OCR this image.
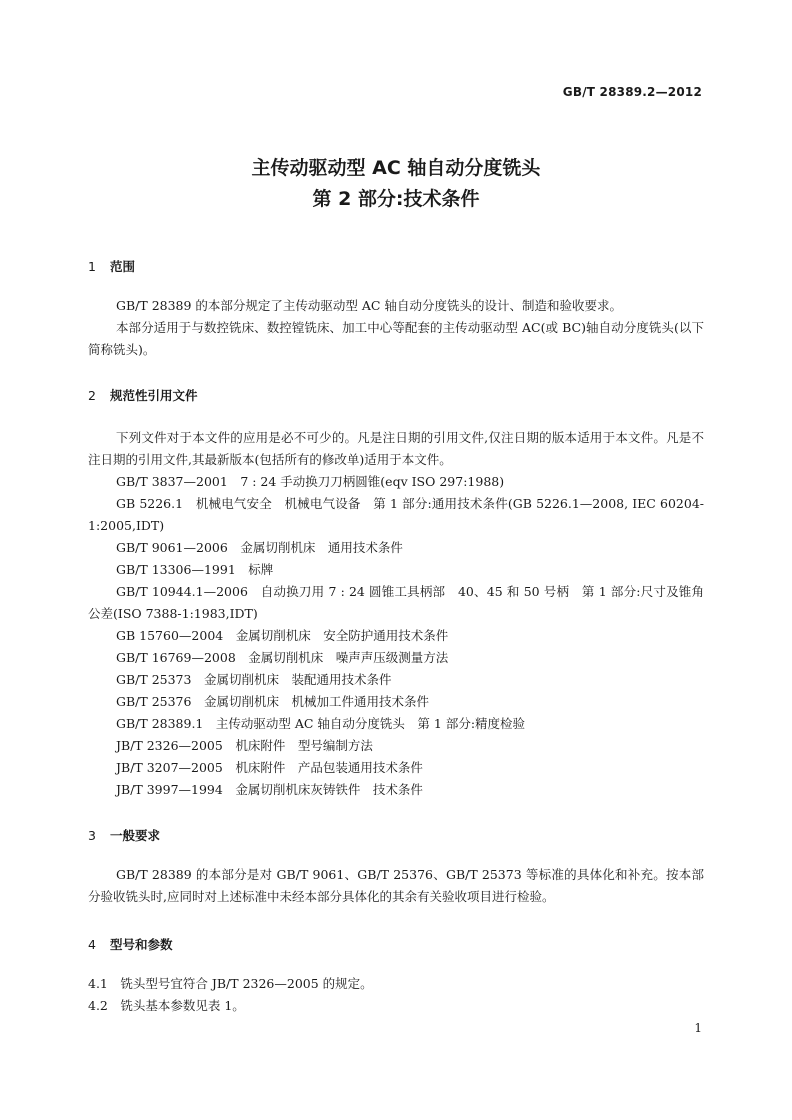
GB/T 28389.2—2012
主传动驱动型 AC 轴自动分度铣头
第 2 部分:技术条件
1 范围
GB/T 28389 的本部分规定了主传动驱动型 AC 轴自动分度铣头的设计、制造和验收要求。
本部分适用于与数控铣床、数控镗铣床、加工中心等配套的主传动驱动型 AC(或 BC)轴自动分度铣头(以下简称铣头)。
2 规范性引用文件
下列文件对于本文件的应用是必不可少的。凡是注日期的引用文件,仅注日期的版本适用于本文件。凡是不注日期的引用文件,其最新版本(包括所有的修改单)适用于本文件。
GB/T 3837—2001　7 : 24 手动换刀刀柄圆锥(eqv ISO 297:1988)
GB 5226.1　机械电气安全　机械电气设备　第 1 部分:通用技术条件(GB 5226.1—2008, IEC 60204-1:2005,IDT)
GB/T 9061—2006　金属切削机床　通用技术条件
GB/T 13306—1991　标牌
GB/T 10944.1—2006　自动换刀用 7 : 24 圆锥工具柄部　40、45 和 50 号柄　第 1 部分:尺寸及锥角公差(ISO 7388-1:1983,IDT)
GB 15760—2004　金属切削机床　安全防护通用技术条件
GB/T 16769—2008　金属切削机床　噪声声压级测量方法
GB/T 25373　金属切削机床　装配通用技术条件
GB/T 25376　金属切削机床　机械加工件通用技术条件
GB/T 28389.1　主传动驱动型 AC 轴自动分度铣头　第 1 部分:精度检验
JB/T 2326—2005　机床附件　型号编制方法
JB/T 3207—2005　机床附件　产品包装通用技术条件
JB/T 3997—1994　金属切削机床灰铸铁件　技术条件
3 一般要求
GB/T 28389 的本部分是对 GB/T 9061、GB/T 25376、GB/T 25373 等标准的具体化和补充。按本部分验收铣头时,应同时对上述标准中未经本部分具体化的其余有关验收项目进行检验。
4 型号和参数
4.1　铣头型号宜符合 JB/T 2326—2005 的规定。
4.2　铣头基本参数见表 1。
1
